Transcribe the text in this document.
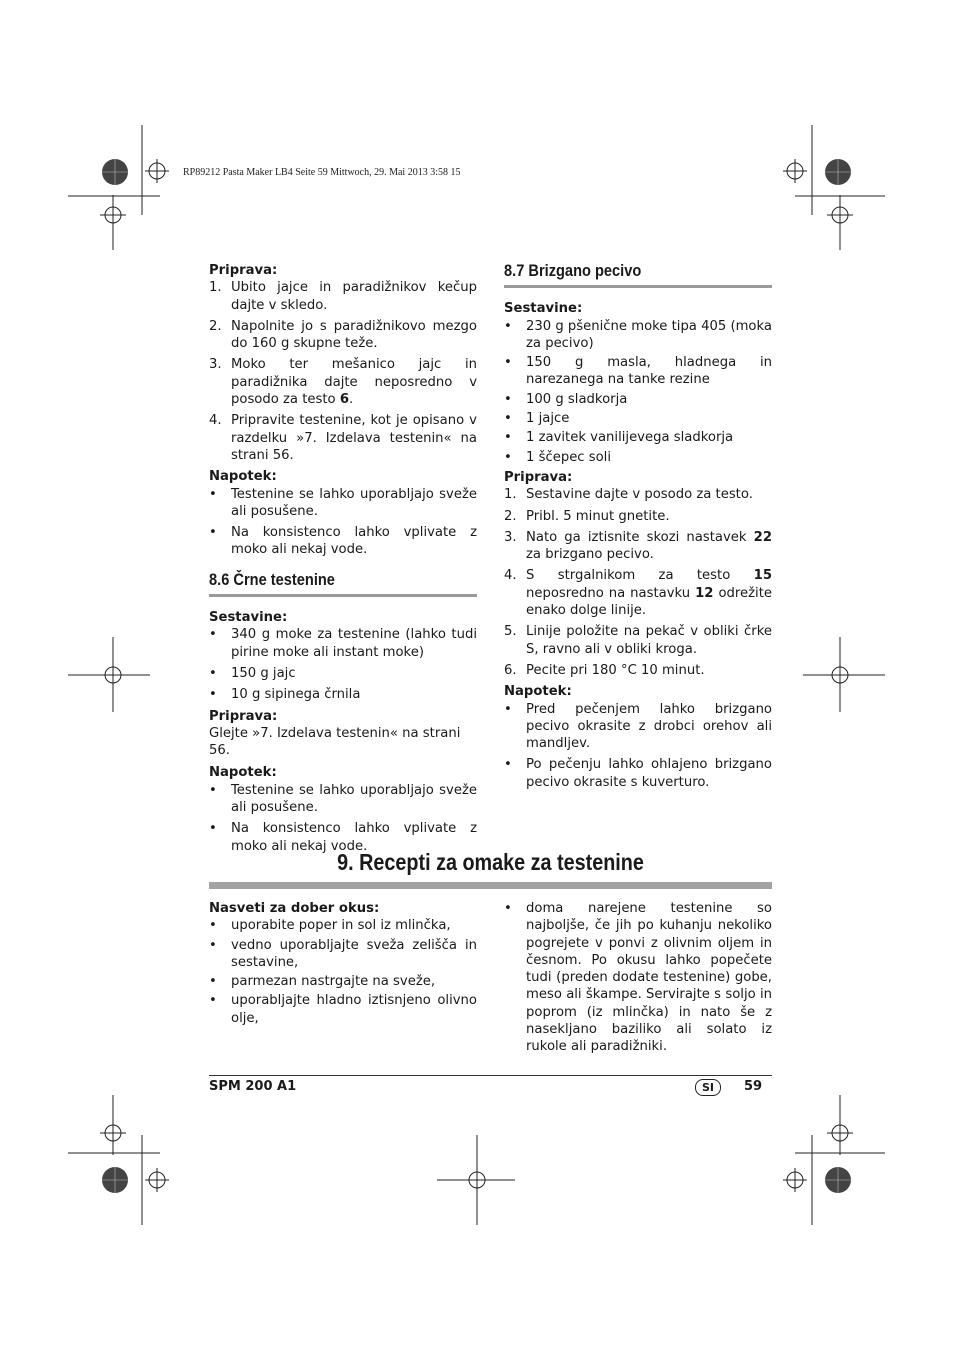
RP89212 Pasta Maker LB4 Seite 59 Mittwoch, 29. Mai 2013 3:58 15

Priprava:

1. Ubito jajce in paradižnikov kečup dajte v skledo.
2. Napolnite jo s paradižnikovo mezgo do 160 g skupne teže.
3. Moko ter mešanico jajc in paradižnika dajte neposredno v posodo za testo 6.
4. Pripravite testenine, kot je opisano v razdelku »7. Izdelava testenin« na strani 56.

Napotek:

• Testenine se lahko uporabljajo sveže ali posušene.
• Na konsistenco lahko vplivate z moko ali nekaj vode.
8.6 Črne testenine

Sestavine:

• 340 g moke za testenine (lahko tudi pirine moke ali instant moke)
• 150 g jajc
• 10 g sipinega črnila

Priprava:

Glejte »7. Izdelava testenin« na strani 56.

Napotek:

• Testenine se lahko uporabljajo sveže ali posušene.
• Na konsistenco lahko vplivate z moko ali nekaj vode.
8.7 Brizgano pecivo

Sestavine:

• 230 g pšenične moke tipa 405 (moka za pecivo)
• 150 g masla, hladnega in narezanega na tanke rezine
• 100 g sladkorja
• 1 jajce
• 1 zavitek vanilijevega sladkorja
• 1 ščepec soli

Priprava:

1. Sestavine dajte v posodo za testo.
2. Pribl. 5 minut gnetite.
3. Nato ga iztisnite skozi nastavek 22 za brizgano pecivo.
4. S strgalnikom za testo 15 neposredno na nastavku 12 odrežite enako dolge linije.
5. Linije položite na pekač v obliki črke S, ravno ali v obliki kroga.
6. Pecite pri 180 °C 10 minut.

Napotek:

• Pred pečenjem lahko brizgano pecivo okrasite z drobci orehov ali mandljev.
• Po pečenju lahko ohlajeno brizgano pecivo okrasite s kuverturo.
9. Recepti za omake za testenine

Nasveti za dober okus:

• uporabite poper in sol iz mlinčka,
• vedno uporabljajte sveža zelišča in sestavine,
• parmezan nastrgajte na sveže,
• uporabljajte hladno iztisnjeno olivno olje,
• doma narejene testenine so najboljše, če jih po kuhanju nekoliko pogrejete v ponvi z olivnim oljem in česnom. Po okusu lahko popečete tudi (preden dodate testenine) gobe, meso ali škampe. Servirajte s soljo in poprom (iz mlinčka) in nato še z naseklјanо baziliko ali solato iz rukole ali paradižniki.
SPM 200 A1	SI	59
